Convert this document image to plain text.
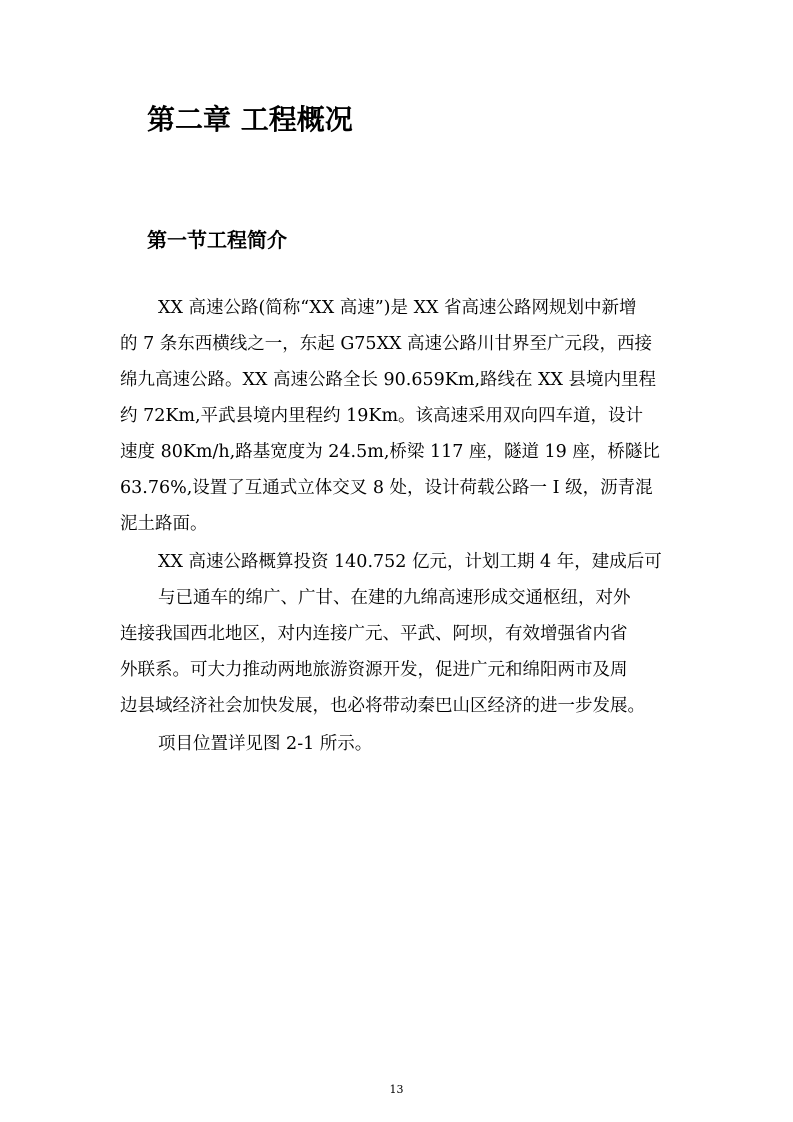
第二章 工程概况
第一节工程简介

XX 高速公路(简称“XX 高速”)是 XX 省高速公路网规划中新增

的 7 条东西横线之一，东起 G75XX 高速公路川甘界至广元段，西接

绵九高速公路。XX 高速公路全长 90.659Km,路线在 XX 县境内里程

约 72Km,平武县境内里程约 19Km。该高速采用双向四车道，设计

速度 80Km/h,路基宽度为 24.5m,桥梁 117 座，隧道 19 座，桥隧比

63.76%,设置了互通式立体交叉 8 处，设计荷载公路一 I 级，沥青混

泥土路面。

XX 高速公路概算投资 140.752 亿元，计划工期 4 年，建成后可

与已通车的绵广、广甘、在建的九绵高速形成交通枢纽，对外

连接我国西北地区，对内连接广元、平武、阿坝，有效增强省内省

外联系。可大力推动两地旅游资源开发，促进广元和绵阳两市及周

边县域经济社会加快发展，也必将带动秦巴山区经济的进一步发展。

项目位置详见图 2-1 所示。

13
